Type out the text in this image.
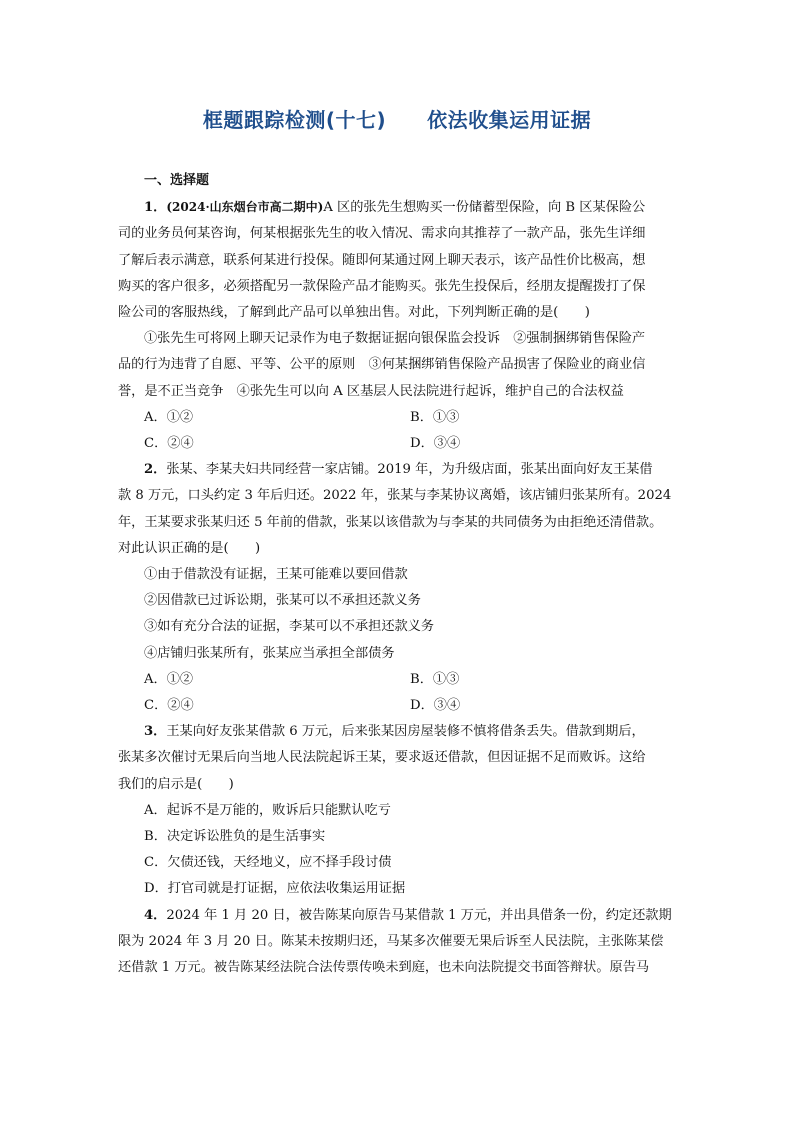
框题跟踪检测(十七)　　依法收集运用证据
一、选择题
1．(2024·山东烟台市高二期中)A 区的张先生想购买一份储蓄型保险，向 B 区某保险公
司的业务员何某咨询，何某根据张先生的收入情况、需求向其推荐了一款产品，张先生详细
了解后表示满意，联系何某进行投保。随即何某通过网上聊天表示，该产品性价比极高，想
购买的客户很多，必须搭配另一款保险产品才能购买。张先生投保后，经朋友提醒拨打了保
险公司的客服热线，了解到此产品可以单独出售。对此，下列判断正确的是(　　)
①张先生可将网上聊天记录作为电子数据证据向银保监会投诉　②强制捆绑销售保险产
品的行为违背了自愿、平等、公平的原则　③何某捆绑销售保险产品损害了保险业的商业信
誉，是不正当竞争　④张先生可以向 A 区基层人民法院进行起诉，维护自己的合法权益
A．①②	B．①③
C．②④	D．③④
2．张某、李某夫妇共同经营一家店铺。2019 年，为升级店面，张某出面向好友王某借
款 8 万元，口头约定 3 年后归还。2022 年，张某与李某协议离婚，该店铺归张某所有。2024
年，王某要求张某归还 5 年前的借款，张某以该借款为与李某的共同债务为由拒绝还清借款。
对此认识正确的是(　　)
①由于借款没有证据，王某可能难以要回借款
②因借款已过诉讼期，张某可以不承担还款义务
③如有充分合法的证据，李某可以不承担还款义务
④店铺归张某所有，张某应当承担全部债务
A．①②	B．①③
C．②④	D．③④
3．王某向好友张某借款 6 万元，后来张某因房屋装修不慎将借条丢失。借款到期后，
张某多次催讨无果后向当地人民法院起诉王某，要求返还借款，但因证据不足而败诉。这给
我们的启示是(　　)
A．起诉不是万能的，败诉后只能默认吃亏
B．决定诉讼胜负的是生活事实
C．欠债还钱，天经地义，应不择手段讨债
D．打官司就是打证据，应依法收集运用证据
4．2024 年 1 月 20 日，被告陈某向原告马某借款 1 万元，并出具借条一份，约定还款期
限为 2024 年 3 月 20 日。陈某未按期归还，马某多次催要无果后诉至人民法院，主张陈某偿
还借款 1 万元。被告陈某经法院合法传票传唤未到庭，也未向法院提交书面答辩状。原告马
